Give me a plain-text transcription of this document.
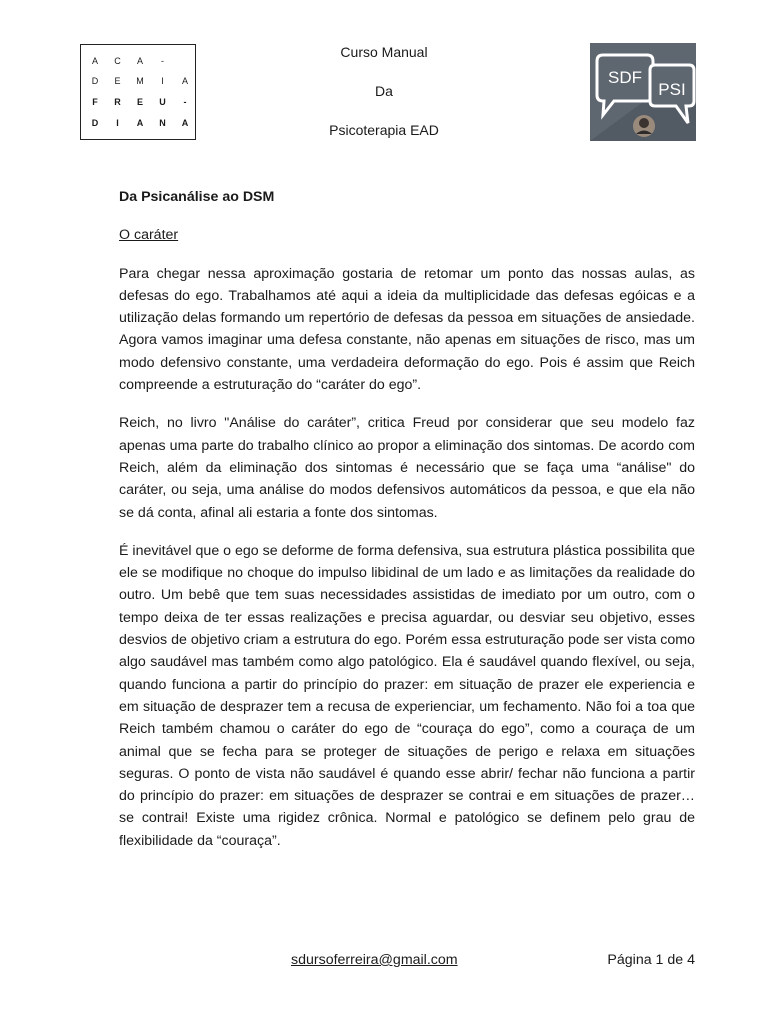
A	C	A	-
D	E	M	I	A
F	R	E	U	-
D	I	A	N	A
Curso Manual
Da
Psicoterapia EAD
SDF
PSI
Da Psicanálise ao DSM
O caráter
Para chegar nessa aproximação gostaria de retomar um ponto das nossas aulas, as defesas do ego. Trabalhamos até aqui a ideia da multiplicidade das defesas egóicas e a utilização delas formando um repertório de defesas da pessoa em situações de ansiedade. Agora vamos imaginar uma defesa constante, não apenas em situações de risco, mas um modo defensivo constante, uma verdadeira deformação do ego. Pois é assim que Reich compreende a estruturação do “caráter do ego”.
Reich, no livro "Análise do caráter”, critica Freud por considerar que seu modelo faz apenas uma parte do trabalho clínico ao propor a eliminação dos sintomas. De acordo com Reich, além da eliminação dos sintomas é necessário que se faça uma “análise" do caráter, ou seja, uma análise do modos defensivos automáticos da pessoa, e que ela não se dá conta, afinal ali estaria a fonte dos sintomas.
É inevitável que o ego se deforme de forma defensiva, sua estrutura plástica possibilita que ele se modifique no choque do impulso libidinal de um lado e as limitações da realidade do outro. Um bebê que tem suas necessidades assistidas de imediato por um outro, com o tempo deixa de ter essas realizações e precisa aguardar, ou desviar seu objetivo, esses desvios de objetivo criam a estrutura do ego. Porém essa estruturação pode ser vista como algo saudável mas também como algo patológico. Ela é saudável quando flexível, ou seja, quando funciona a partir do princípio do prazer: em situação de prazer ele experiencia e em situação de desprazer tem a recusa de experienciar, um fechamento. Não foi a toa que Reich também chamou o caráter do ego de “couraça do ego”, como a couraça de um animal que se fecha para se proteger de situações de perigo e relaxa em situações seguras. O ponto de vista não saudável é quando esse abrir/ fechar não funciona a partir do princípio do prazer: em situações de desprazer se contrai e em situações de prazer… se contrai! Existe uma rigidez crônica. Normal e patológico se definem pelo grau de flexibilidade da “couraça”.
sdursoferreira@gmail.com	Página 1 de 4
